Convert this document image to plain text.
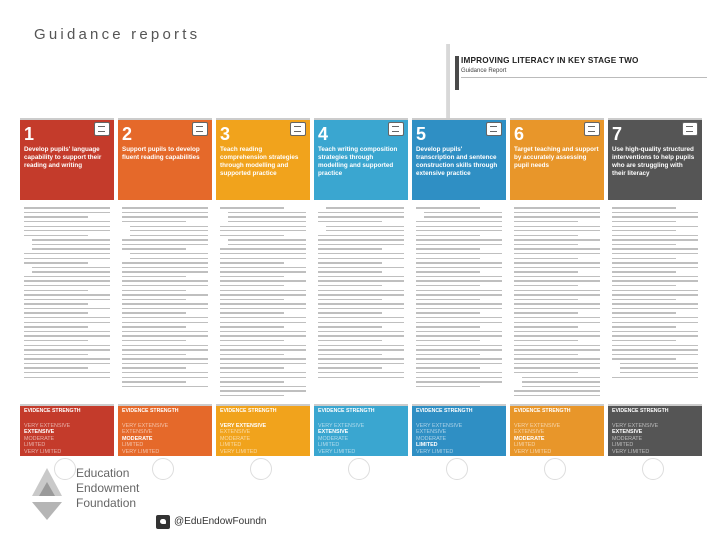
Guidance reports
IMPROVING LITERACY IN KEY STAGE TWO
Guidance Report
1
Develop pupils' language capability to support their reading and writing
EVIDENCE STRENGTH
VERY EXTENSIVE
EXTENSIVE
MODERATE
LIMITED
VERY LIMITED
2
Support pupils to develop fluent reading capabilities
EVIDENCE STRENGTH
VERY EXTENSIVE
EXTENSIVE
MODERATE
LIMITED
VERY LIMITED
3
Teach reading comprehension strategies through modelling and supported practice
EVIDENCE STRENGTH
VERY EXTENSIVE
EXTENSIVE
MODERATE
LIMITED
VERY LIMITED
4
Teach writing composition strategies through modelling and supported practice
EVIDENCE STRENGTH
VERY EXTENSIVE
EXTENSIVE
MODERATE
LIMITED
VERY LIMITED
5
Develop pupils' transcription and sentence construction skills through extensive practice
EVIDENCE STRENGTH
VERY EXTENSIVE
EXTENSIVE
MODERATE
LIMITED
VERY LIMITED
6
Target teaching and support by accurately assessing pupil needs
EVIDENCE STRENGTH
VERY EXTENSIVE
EXTENSIVE
MODERATE
LIMITED
VERY LIMITED
7
Use high-quality structured interventions to help pupils who are struggling with their literacy
EVIDENCE STRENGTH
VERY EXTENSIVE
EXTENSIVE
MODERATE
LIMITED
VERY LIMITED
Education
Endowment
Foundation
@EduEndowFoundn
